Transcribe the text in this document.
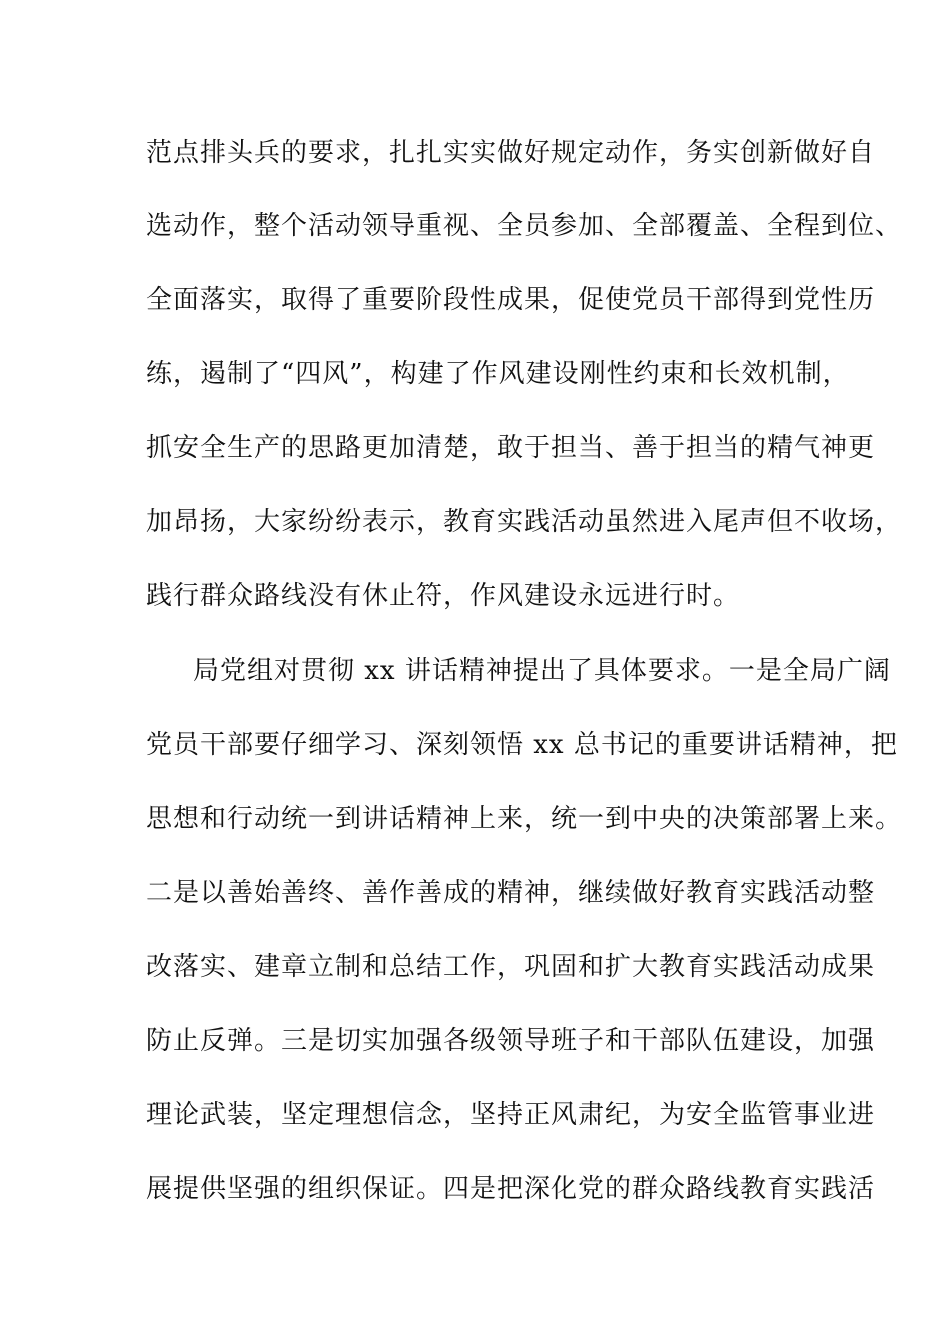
范点排头兵的要求，扎扎实实做好规定动作，务实创新做好自
选动作，整个活动领导重视、全员参加、全部覆盖、全程到位、
全面落实，取得了重要阶段性成果，促使党员干部得到党性历
练，遏制了“四风”，构建了作风建设刚性约束和长效机制，
抓安全生产的思路更加清楚，敢于担当、善于担当的精气神更
加昂扬，大家纷纷表示，教育实践活动虽然进入尾声但不收场，
践行群众路线没有休止符，作风建设永远进行时。
局党组对贯彻 xx 讲话精神提出了具体要求。一是全局广阔
党员干部要仔细学习、深刻领悟 xx 总书记的重要讲话精神，把
思想和行动统一到讲话精神上来，统一到中央的决策部署上来。
二是以善始善终、善作善成的精神，继续做好教育实践活动整
改落实、建章立制和总结工作，巩固和扩大教育实践活动成果
防止反弹。三是切实加强各级领导班子和干部队伍建设，加强
理论武装，坚定理想信念，坚持正风肃纪，为安全监管事业进
展提供坚强的组织保证。四是把深化党的群众路线教育实践活
